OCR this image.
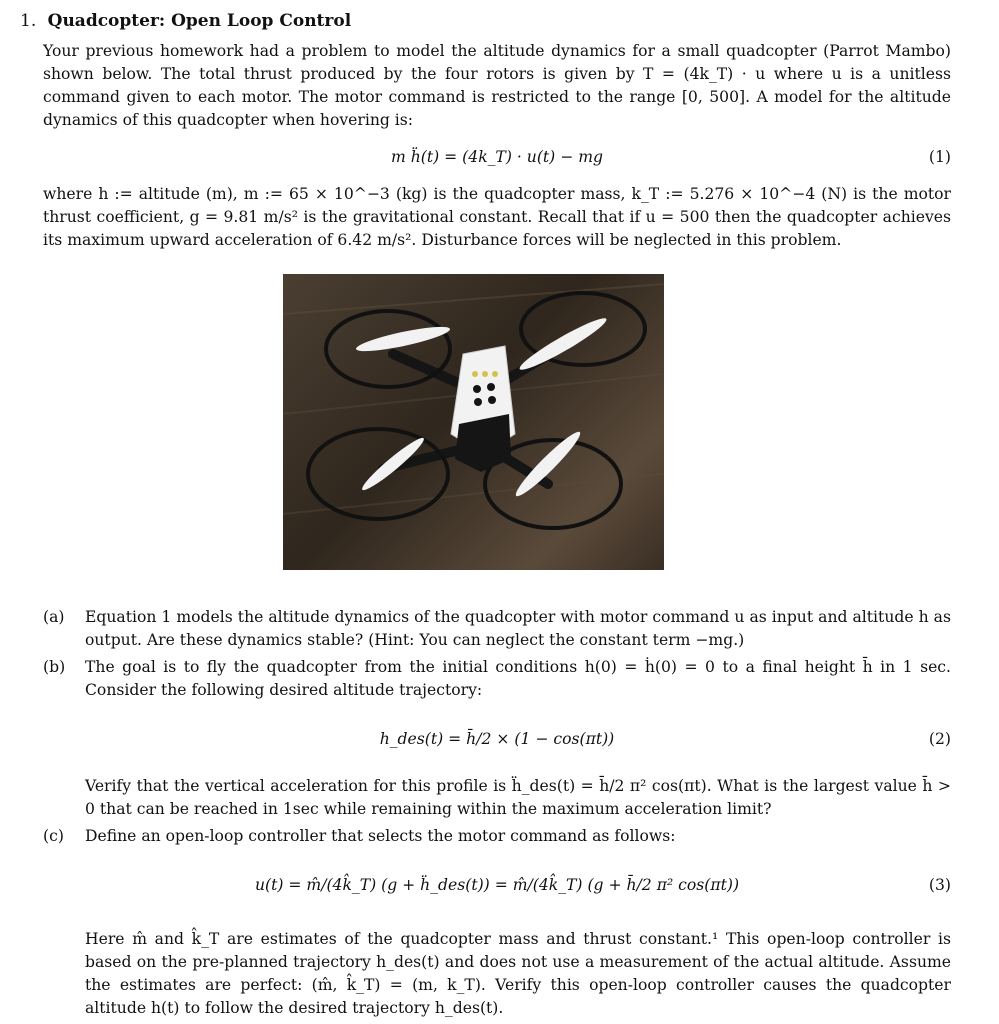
1. Quadcopter: Open Loop Control

Your previous homework had a problem to model the altitude dynamics for a small quadcopter (Parrot Mambo) shown below. The total thrust produced by the four rotors is given by T = (4k_T) · u where u is a unitless command given to each motor. The motor command is restricted to the range [0, 500]. A model for the altitude dynamics of this quadcopter when hovering is:

m ḧ(t) = (4k_T) · u(t) − mg	(1)

where h := altitude (m), m := 65 × 10^−3 (kg) is the quadcopter mass, k_T := 5.276 × 10^−4 (N) is the motor thrust coefficient, g = 9.81 m/s² is the gravitational constant. Recall that if u = 500 then the quadcopter achieves its maximum upward acceleration of 6.42 m/s². Disturbance forces will be neglected in this problem.

(a)	Equation 1 models the altitude dynamics of the quadcopter with motor command u as input and altitude h as output. Are these dynamics stable? (Hint: You can neglect the constant term −mg.)
(b)	The goal is to fly the quadcopter from the initial conditions h(0) = ḣ(0) = 0 to a final height h̄ in 1 sec. Consider the following desired altitude trajectory:
h_des(t) = h̄/2 × (1 − cos(πt))	(2)
Verify that the vertical acceleration for this profile is ḧ_des(t) = h̄/2 π² cos(πt). What is the largest value h̄ > 0 that can be reached in 1sec while remaining within the maximum acceleration limit?
(c)	Define an open-loop controller that selects the motor command as follows:
u(t) = m̂/(4k̂_T) (g + ḧ_des(t)) = m̂/(4k̂_T) (g + h̄/2 π² cos(πt))	(3)
Here m̂ and k̂_T are estimates of the quadcopter mass and thrust constant.¹ This open-loop controller is based on the pre-planned trajectory h_des(t) and does not use a measurement of the actual altitude. Assume the estimates are perfect: (m̂, k̂_T) = (m, k_T). Verify this open-loop controller causes the quadcopter altitude h(t) to follow the desired trajectory h_des(t).
